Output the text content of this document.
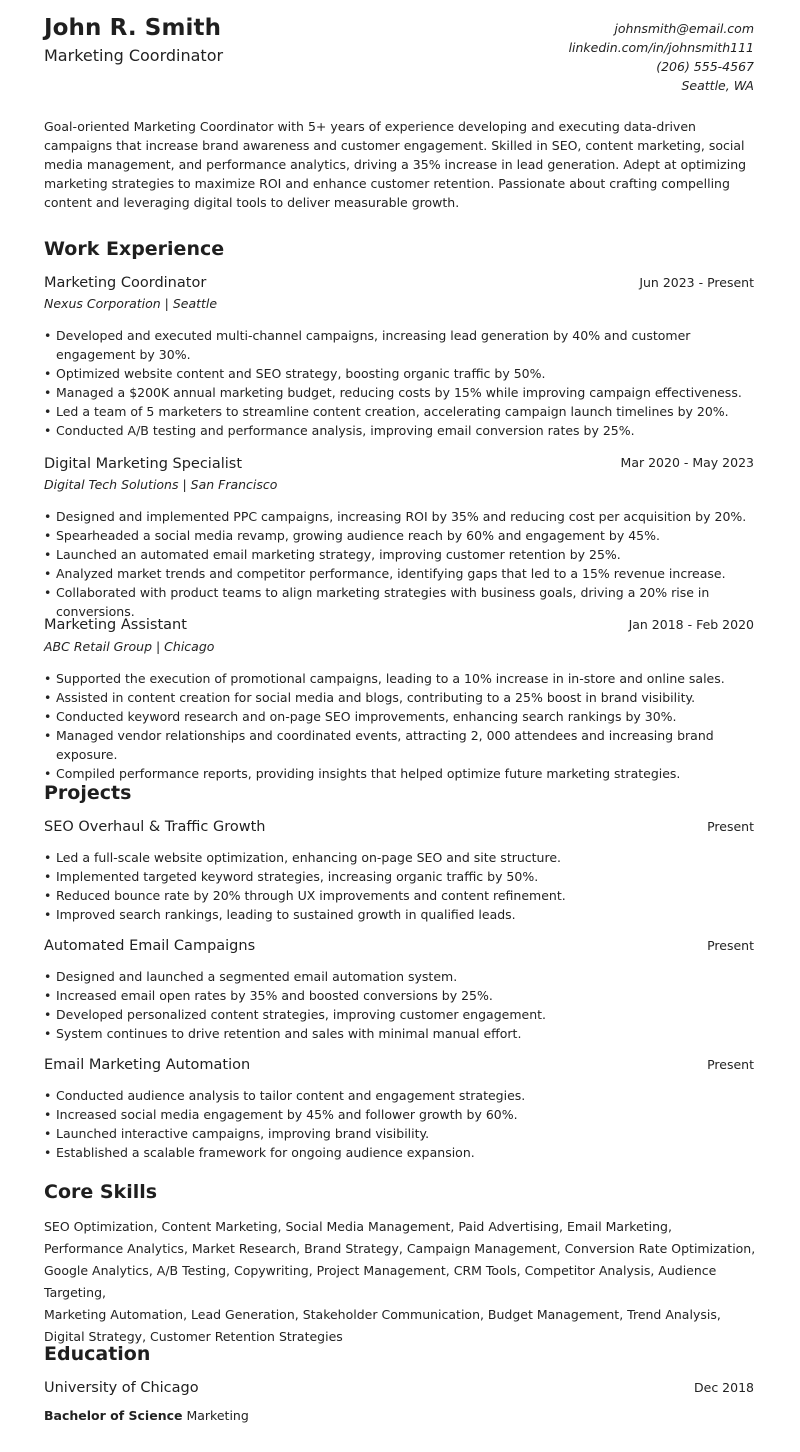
John R. Smith
Marketing Coordinator
johnsmith@email.com
linkedin.com/in/johnsmith111
(206) 555-4567
Seattle, WA

Goal-oriented Marketing Coordinator with 5+ years of experience developing and executing data-driven campaigns that increase brand awareness and customer engagement. Skilled in SEO, content marketing, social media management, and performance analytics, driving a 35% increase in lead generation. Adept at optimizing marketing strategies to maximize ROI and enhance customer retention. Passionate about crafting compelling content and leveraging digital tools to deliver measurable growth.

Work Experience
Marketing Coordinator	Jun 2023 - Present
Nexus Corporation | Seattle
• Developed and executed multi-channel campaigns, increasing lead generation by 40% and customer engagement by 30%.
• Optimized website content and SEO strategy, boosting organic traffic by 50%.
• Managed a $200K annual marketing budget, reducing costs by 15% while improving campaign effectiveness.
• Led a team of 5 marketers to streamline content creation, accelerating campaign launch timelines by 20%.
• Conducted A/B testing and performance analysis, improving email conversion rates by 25%.
Digital Marketing Specialist	Mar 2020 - May 2023
Digital Tech Solutions | San Francisco
• Designed and implemented PPC campaigns, increasing ROI by 35% and reducing cost per acquisition by 20%.
• Spearheaded a social media revamp, growing audience reach by 60% and engagement by 45%.
• Launched an automated email marketing strategy, improving customer retention by 25%.
• Analyzed market trends and competitor performance, identifying gaps that led to a 15% revenue increase.
• Collaborated with product teams to align marketing strategies with business goals, driving a 20% rise in conversions.
Marketing Assistant	Jan 2018 - Feb 2020
ABC Retail Group | Chicago
• Supported the execution of promotional campaigns, leading to a 10% increase in in-store and online sales.
• Assisted in content creation for social media and blogs, contributing to a 25% boost in brand visibility.
• Conducted keyword research and on-page SEO improvements, enhancing search rankings by 30%.
• Managed vendor relationships and coordinated events, attracting 2, 000 attendees and increasing brand exposure.
• Compiled performance reports, providing insights that helped optimize future marketing strategies.
Projects
SEO Overhaul & Traffic Growth	Present
• Led a full-scale website optimization, enhancing on-page SEO and site structure.
• Implemented targeted keyword strategies, increasing organic traffic by 50%.
• Reduced bounce rate by 20% through UX improvements and content refinement.
• Improved search rankings, leading to sustained growth in qualified leads.
Automated Email Campaigns	Present
• Designed and launched a segmented email automation system.
• Increased email open rates by 35% and boosted conversions by 25%.
• Developed personalized content strategies, improving customer engagement.
• System continues to drive retention and sales with minimal manual effort.
Email Marketing Automation	Present
• Conducted audience analysis to tailor content and engagement strategies.
• Increased social media engagement by 45% and follower growth by 60%.
• Launched interactive campaigns, improving brand visibility.
• Established a scalable framework for ongoing audience expansion.
Core Skills
SEO Optimization, Content Marketing, Social Media Management, Paid Advertising, Email Marketing,
Performance Analytics, Market Research, Brand Strategy, Campaign Management, Conversion Rate Optimization,
Google Analytics, A/B Testing, Copywriting, Project Management, CRM Tools, Competitor Analysis, Audience Targeting,
Marketing Automation, Lead Generation, Stakeholder Communication, Budget Management, Trend Analysis,
Digital Strategy, Customer Retention Strategies
Education
University of Chicago	Dec 2018
Bachelor of Science Marketing
